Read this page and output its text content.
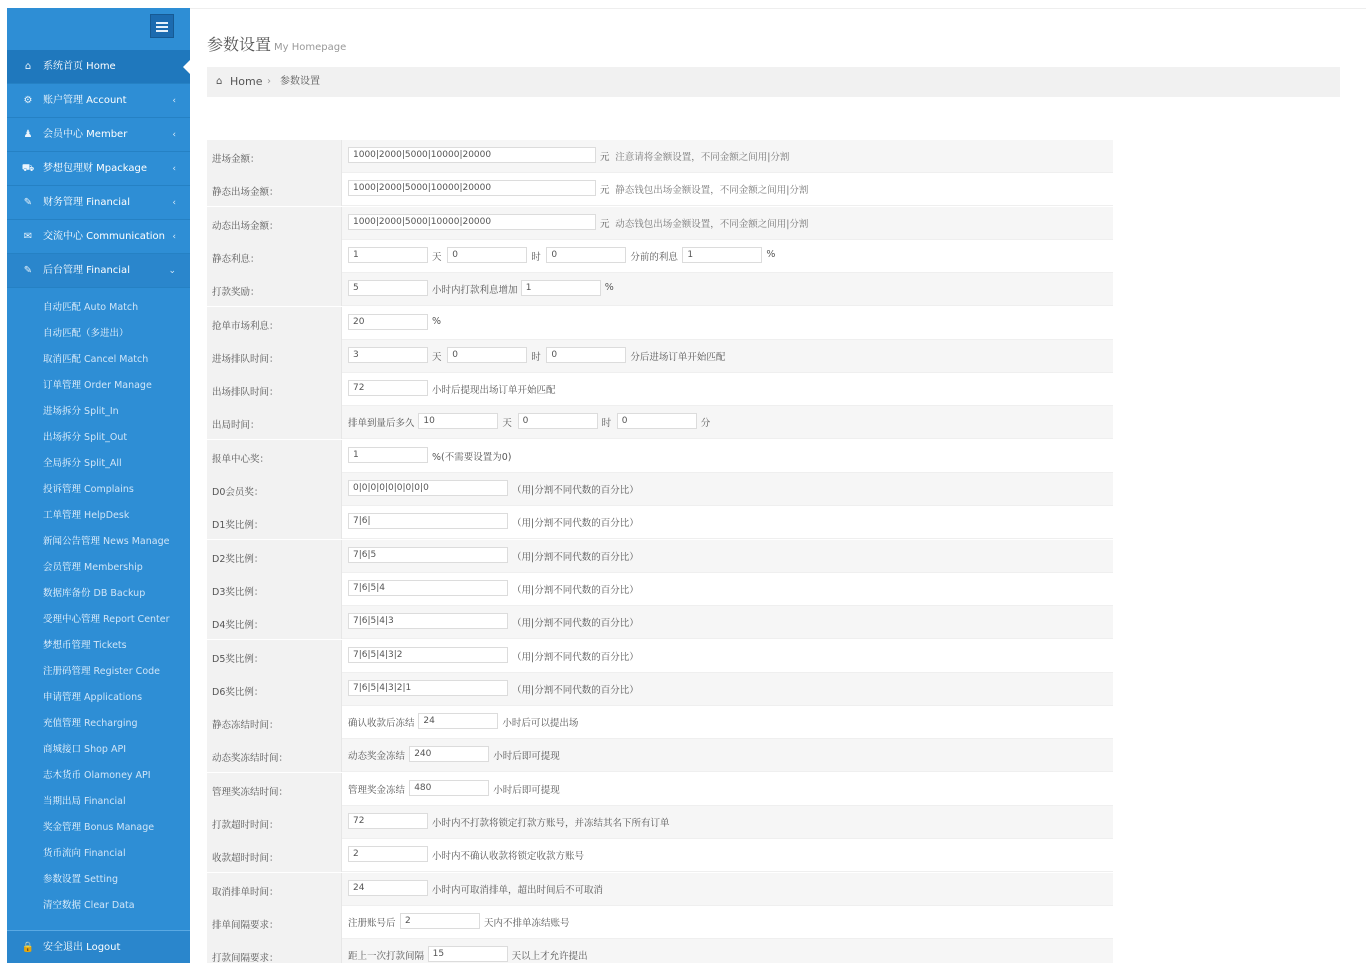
⌂	系统首页 Home
⚙ 账户管理 Account	‹
♟ 会员中心 Member	‹
⛟ 梦想包理财 Mpackage	‹
✎ 财务管理 Financial	‹
✉ 交流中心 Communication ‹
✎ 后台管理 Financial	⌄
自动匹配 Auto Match
自动匹配（多进出）
取消匹配 Cancel Match
订单管理 Order Manage
进场拆分 Split_In
出场拆分 Split_Out
全局拆分 Split_All
投诉管理 Complains
工单管理 HelpDesk
新闻公告管理 News Manage
会员管理 Membership
数据库备份 DB Backup
受理中心管理 Report Center
梦想币管理 Tickets
注册码管理 Register Code
申请管理 Applications
充值管理 Recharging
商城接口 Shop API
志木货币 Olamoney API
当期出局 Financial
奖金管理 Bonus Manage
货币流向 Financial
参数设置 Setting
清空数据 Clear Data
🔒 安全退出 Logout
参数设置 My Homepage
⌂ Home › 参数设置
进场金额：	1000|2000|5000|10000|20000	元 注意请将金额设置，不同金额之间用|分割
静态出场金额：	1000|2000|5000|10000|20000	元 静态钱包出场金额设置，不同金额之间用|分割
动态出场金额：	1000|2000|5000|10000|20000	元 动态钱包出场金额设置，不同金额之间用|分割
静态利息：	1	天	0	时	0	分前的利息	1	%
打款奖励：	5	小时内打款利息增加 1	%
抢单市场利息：	20	%
进场排队时间：	3	天	0	时	0	分后进场订单开始匹配
出场排队时间：	72	小时后提现出场订单开始匹配
出局时间：	排单到量后多久 10	天	0	时	0	分
报单中心奖：	1	%(不需要设置为0)
D0会员奖：	0|0|0|0|0|0|0|0|0	（用|分割不同代数的百分比）
D1奖比例：	7|6|	（用|分割不同代数的百分比）
D2奖比例：	7|6|5	（用|分割不同代数的百分比）
D3奖比例：	7|6|5|4	（用|分割不同代数的百分比）
D4奖比例：	7|6|5|4|3	（用|分割不同代数的百分比）
D5奖比例：	7|6|5|4|3|2	（用|分割不同代数的百分比）
D6奖比例：	7|6|5|4|3|2|1	（用|分割不同代数的百分比）
静态冻结时间：	确认收款后冻结 24	小时后可以提出场
动态奖冻结时间：	动态奖金冻结	240	小时后即可提现
管理奖冻结时间：	管理奖金冻结	480	小时后即可提现
打款超时时间：	72	小时内不打款将锁定打款方账号，并冻结其名下所有订单
收款超时时间：	2	小时内不确认收款将锁定收款方账号
取消排单时间：	24	小时内可取消排单，超出时间后不可取消
排单间隔要求：	注册账号后	2	天内不排单冻结账号
打款间隔要求：	距上一次打款间隔 15	天以上才允许提出
